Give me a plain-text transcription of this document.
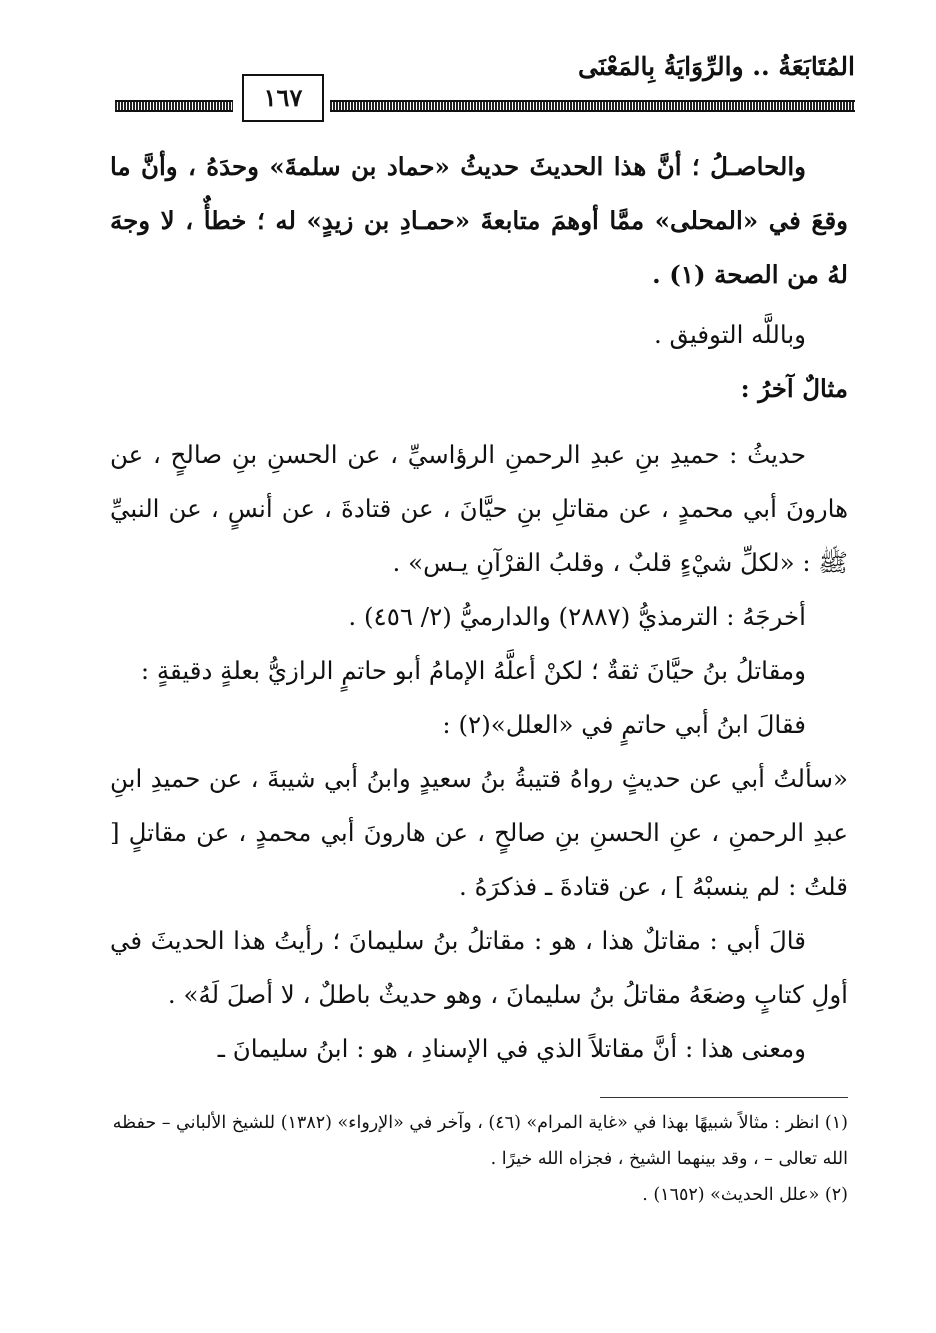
المُتَابَعَةُ .. والرِّوَايَةُ بِالمَعْنَى
١٦٧

والحاصـلُ ؛ أنَّ هذا الحديثَ حديثُ «حماد بن سلمةَ» وحدَهُ ، وأنَّ ما وقعَ في «المحلى» ممَّا أوهمَ متابعةَ «حمـادِ بن زيدٍ» له ؛ خطأٌ ، لا وجهَ لهُ من الصحة (١) .

وباللَّه التوفيق .

مثالٌ آخرُ :

حديثُ : حميدِ بنِ عبدِ الرحمنِ الرؤاسيِّ ، عن الحسنِ بنِ صالحٍ ، عن هارونَ أبي محمدٍ ، عن مقاتلِ بنِ حيَّانَ ، عن قتادةَ ، عن أنسٍ ، عن النبيِّ ﷺ : «لكلِّ شيْءٍ قلبٌ ، وقلبُ القرْآنِ يـس» .

أخرجَهُ : الترمذيُّ (٢٨٨٧) والدارميُّ (٢/ ٤٥٦) .

ومقاتلُ بنُ حيَّانَ ثقةٌ ؛ لكنْ أعلَّهُ الإمامُ أبو حاتمٍ الرازيُّ بعلةٍ دقيقةٍ :

فقالَ ابنُ أبي حاتمٍ في «العلل»(٢) :

«سألتُ أبي عن حديثٍ رواهُ قتيبةُ بنُ سعيدٍ وابنُ أبي شيبةَ ، عن حميدِ ابنِ عبدِ الرحمنِ ، عنِ الحسنِ بنِ صالحٍ ، عن هارونَ أبي محمدٍ ، عن مقاتلٍ [ قلتُ : لم ينسبْهُ ] ، عن قتادةَ ـ فذكرَهُ .

قالَ أبي : مقاتلٌ هذا ، هو : مقاتلُ بنُ سليمانَ ؛ رأيتُ هذا الحديثَ في أولِ كتابٍ وضعَهُ مقاتلُ بنُ سليمانَ ، وهو حديثٌ باطلٌ ، لا أصلَ لَهُ» .

ومعنى هذا : أنَّ مقاتلاً الذي في الإسنادِ ، هو : ابنُ سليمانَ ـ

(١) انظر : مثالاً شبيهًا بهذا في «غاية المرام» (٤٦) ، وآخر في «الإرواء» (١٣٨٢) للشيخ الألباني – حفظه الله تعالى – ، وقد بينهما الشيخ ، فجزاه الله خيرًا .

(٢) «علل الحديث» (١٦٥٢) .
